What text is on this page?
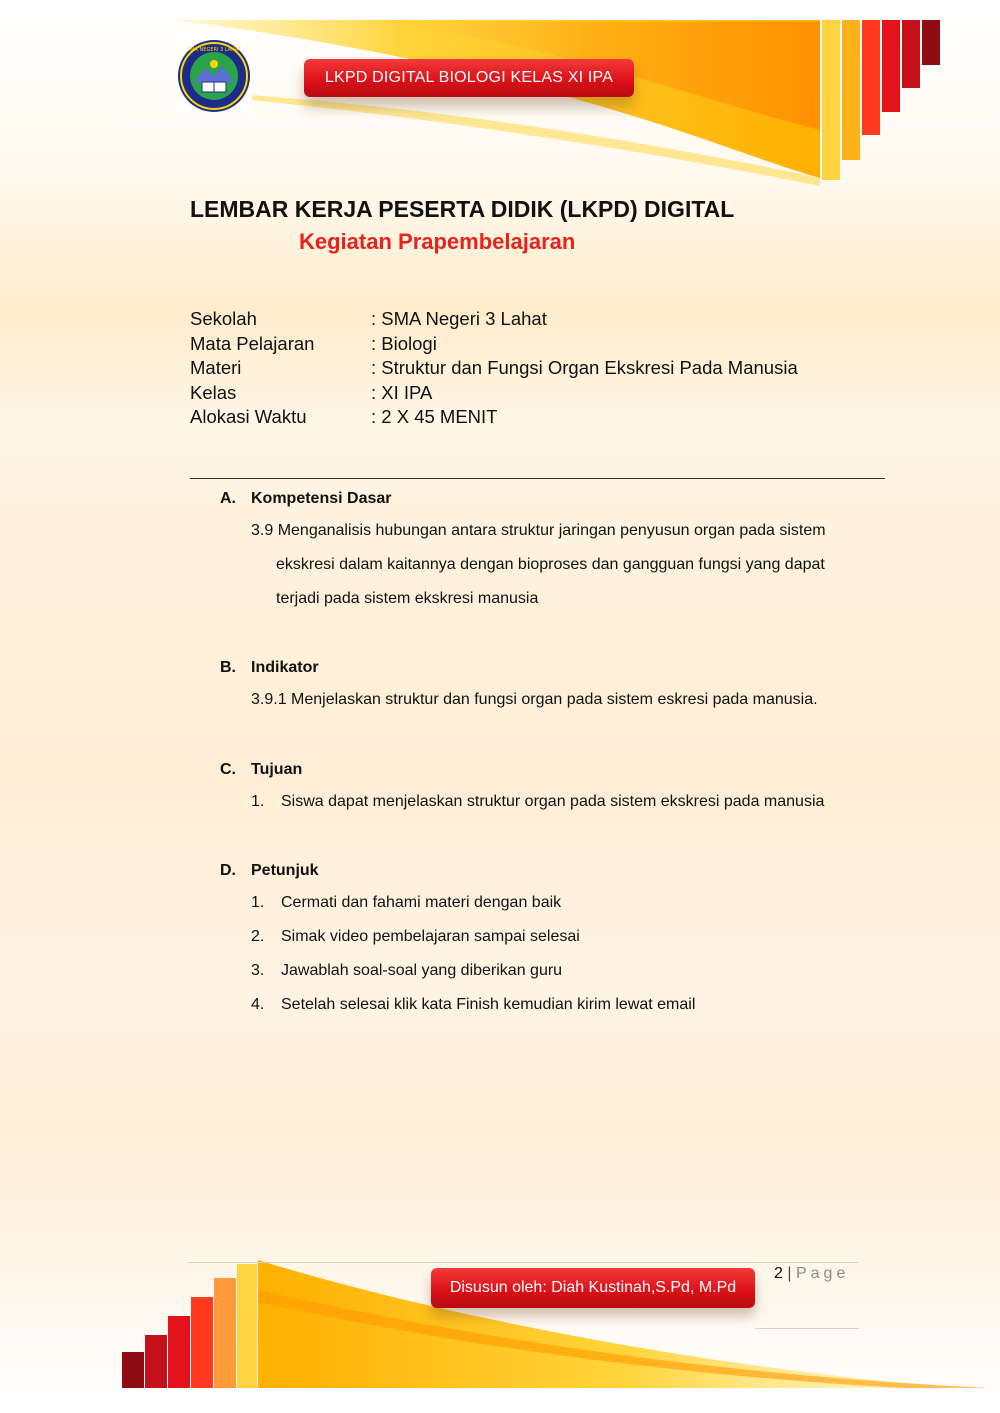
SMA NEGERI 3 LAHAT
LKPD DIGITAL BIOLOGI KELAS XI IPA
LEMBAR KERJA PESERTA DIDIK (LKPD) DIGITAL
Kegiatan Prapembelajaran
Sekolah	: SMA Negeri 3 Lahat
Mata Pelajaran	: Biologi
Materi	: Struktur dan Fungsi Organ Ekskresi Pada Manusia
Kelas	: XI IPA
Alokasi Waktu	: 2 X 45 MENIT
A. Kompetensi Dasar
3.9 Menganalisis hubungan antara struktur jaringan penyusun organ pada sistem
ekskresi dalam kaitannya dengan bioproses dan gangguan fungsi yang dapat
terjadi pada sistem ekskresi manusia
B. Indikator
3.9.1 Menjelaskan struktur dan fungsi organ pada sistem eskresi pada manusia.
C. Tujuan
1. Siswa dapat menjelaskan struktur organ pada sistem ekskresi pada manusia
D. Petunjuk
1. Cermati dan fahami materi dengan baik
2. Simak video pembelajaran sampai selesai
3. Jawablah soal-soal yang diberikan guru
4. Setelah selesai klik kata Finish kemudian kirim lewat email
Disusun oleh: Diah Kustinah,S.Pd, M.Pd
2 | Page
